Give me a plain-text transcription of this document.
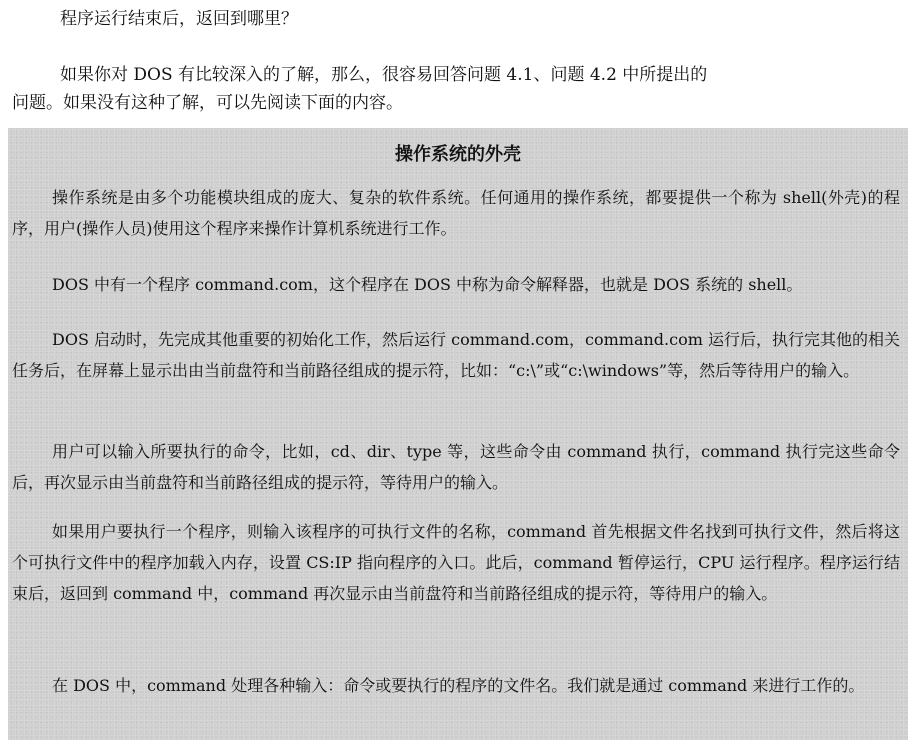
程序运行结束后，返回到哪里？
如果你对 DOS 有比较深入的了解，那么，很容易回答问题 4.1、问题 4.2 中所提出的
问题。如果没有这种了解，可以先阅读下面的内容。
操作系统的外壳
操作系统是由多个功能模块组成的庞大、复杂的软件系统。任何通用的操作系统，都要提供一个称为 shell(外壳)的程序，用户(操作人员)使用这个程序来操作计算机系统进行工作。
DOS 中有一个程序 command.com，这个程序在 DOS 中称为命令解释器，也就是 DOS 系统的 shell。
DOS 启动时，先完成其他重要的初始化工作，然后运行 command.com，command.com 运行后，执行完其他的相关任务后，在屏幕上显示出由当前盘符和当前路径组成的提示符，比如：“c:\”或“c:\windows”等，然后等待用户的输入。
用户可以输入所要执行的命令，比如，cd、dir、type 等，这些命令由 command 执行，command 执行完这些命令后，再次显示由当前盘符和当前路径组成的提示符，等待用户的输入。
如果用户要执行一个程序，则输入该程序的可执行文件的名称，command 首先根据文件名找到可执行文件，然后将这个可执行文件中的程序加载入内存，设置 CS:IP 指向程序的入口。此后，command 暂停运行，CPU 运行程序。程序运行结束后，返回到 command 中，command 再次显示由当前盘符和当前路径组成的提示符，等待用户的输入。
在 DOS 中，command 处理各种输入：命令或要执行的程序的文件名。我们就是通过 command 来进行工作的。
